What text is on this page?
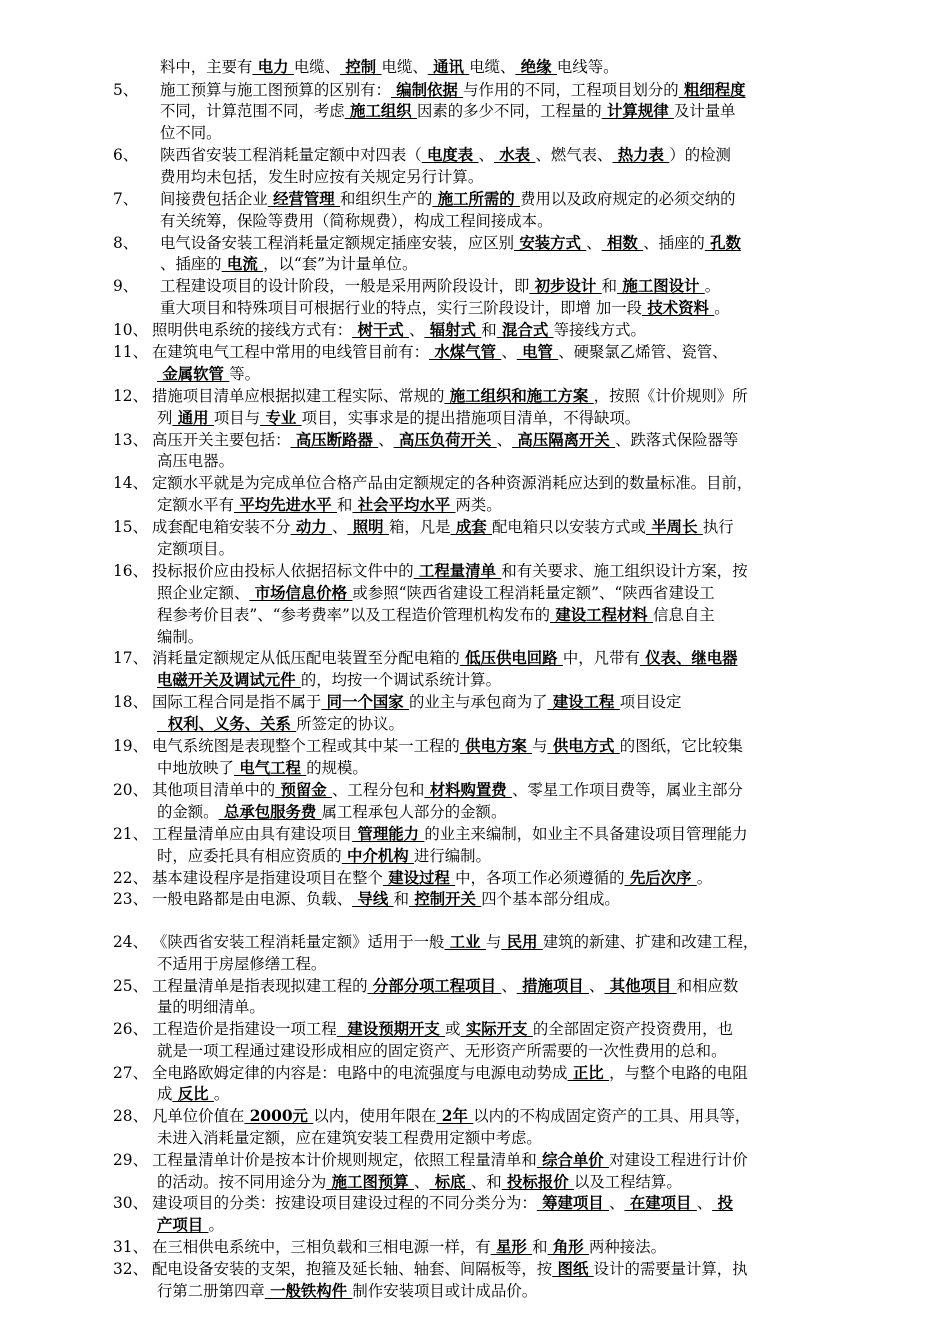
料中，主要有 电力 电缆、 控制 电缆、 通讯 电缆、 绝缘 电线等。
5、 施工预算与施工图预算的区别有： 编制依据 与作用的不同，工程项目划分的 粗细程度
不同，计算范围不同，考虑 施工组织 因素的多少不同，工程量的 计算规律 及计量单
位不同。
6、 陕西省安装工程消耗量定额中对四表（ 电度表 、 水表 、燃气表、 热力表 ）的检测
费用均未包括，发生时应按有关规定另行计算。
7、 间接费包括企业 经营管理 和组织生产的 施工所需的 费用以及政府规定的必须交纳的
有关统筹，保险等费用（简称规费），构成工程间接成本。
8、 电气设备安装工程消耗量定额规定插座安装，应区别 安装方式 、 相数 、插座的 孔数
、插座的 电流 ，以“套”为计量单位。
9、 工程建设项目的设计阶段，一般是采用两阶段设计，即 初步设计 和 施工图设计 。
重大项目和特殊项目可根据行业的特点，实行三阶段设计，即增 加一段 技术资料 。
10、 照明供电系统的接线方式有： 树干式 、 辐射式 和 混合式 等接线方式。
11、 在建筑电气工程中常用的电线管目前有： 水煤气管 、 电管 、硬聚氯乙烯管、瓷管、
金属软管 等。
12、 措施项目清单应根据拟建工程实际、常规的 施工组织和施工方案 ，按照《计价规则》所
列 通用 项目与 专业 项目，实事求是的提出措施项目清单，不得缺项。
13、 高压开关主要包括： 高压断路器 、 高压负荷开关 、 高压隔离开关 、跌落式保险器等
高压电器。
14、 定额水平就是为完成单位合格产品由定额规定的各种资源消耗应达到的数量标准。目前，
定额水平有 平均先进水平 和 社会平均水平 两类。
15、 成套配电箱安装不分 动力 、 照明 箱，凡是 成套 配电箱只以安装方式或 半周长 执行
定额项目。
16、 投标报价应由投标人依据招标文件中的 工程量清单 和有关要求、施工组织设计方案，按
照企业定额、 市场信息价格 或参照“陕西省建设工程消耗量定额”、“陕西省建设工
程参考价目表”、“参考费率”以及工程造价管理机构发布的 建设工程材料 信息自主
编制。
17、 消耗量定额规定从低压配电装置至分配电箱的 低压供电回路 中，凡带有 仪表、继电器
电磁开关及调试元件 的，均按一个调试系统计算。
18、 国际工程合同是指不属于 同一个国家 的业主与承包商为了 建设工程 项目设定
权利、义务、关系 所签定的协议。
19、 电气系统图是表现整个工程或其中某一工程的 供电方案 与 供电方式 的图纸，它比较集
中地放映了 电气工程 的规模。
20、 其他项目清单中的 预留金 、工程分包和 材料购置费 、零星工作项目费等，属业主部分
的金额。 总承包服务费 属工程承包人部分的金额。
21、 工程量清单应由具有建设项目 管理能力 的业主来编制，如业主不具备建设项目管理能力
时，应委托具有相应资质的 中介机构 进行编制。
22、 基本建设程序是指建设项目在整个 建设过程 中，各项工作必须遵循的 先后次序 。
23、 一般电路都是由电源、负载、 导线 和 控制开关 四个基本部分组成。
24、 《陕西省安装工程消耗量定额》适用于一般 工业 与 民用 建筑的新建、扩建和改建工程，
不适用于房屋修缮工程。
25、 工程量清单是指表现拟建工程的 分部分项工程项目 、 措施项目 、 其他项目 和相应数
量的明细清单。
26、 工程造价是指建设一项工程  建设预期开支 或 实际开支 的全部固定资产投资费用，也
就是一项工程通过建设形成相应的固定资产、无形资产所需要的一次性费用的总和。
27、 全电路欧姆定律的内容是：电路中的电流强度与电源电动势成 正比 ，与整个电路的电阻
成 反比 。
28、 凡单位价值在 2000元 以内，使用年限在 2年 以内的不构成固定资产的工具、用具等，
未进入消耗量定额，应在建筑安装工程费用定额中考虑。
29、 工程量清单计价是按本计价规则规定，依照工程量清单和 综合单价 对建设工程进行计价
的活动。按不同用途分为 施工图预算 、 标底 、和 投标报价 以及工程结算。
30、 建设项目的分类：按建设项目建设过程的不同分类分为： 筹建项目 、 在建项目 、 投
产项目 。
31、 在三相供电系统中，三相负载和三相电源一样，有 星形 和 角形 两种接法。
32、 配电设备安装的支架，抱箍及延长轴、轴套、间隔板等，按 图纸 设计的需要量计算，执
行第二册第四章 一般铁构件 制作安装项目或计成品价。
